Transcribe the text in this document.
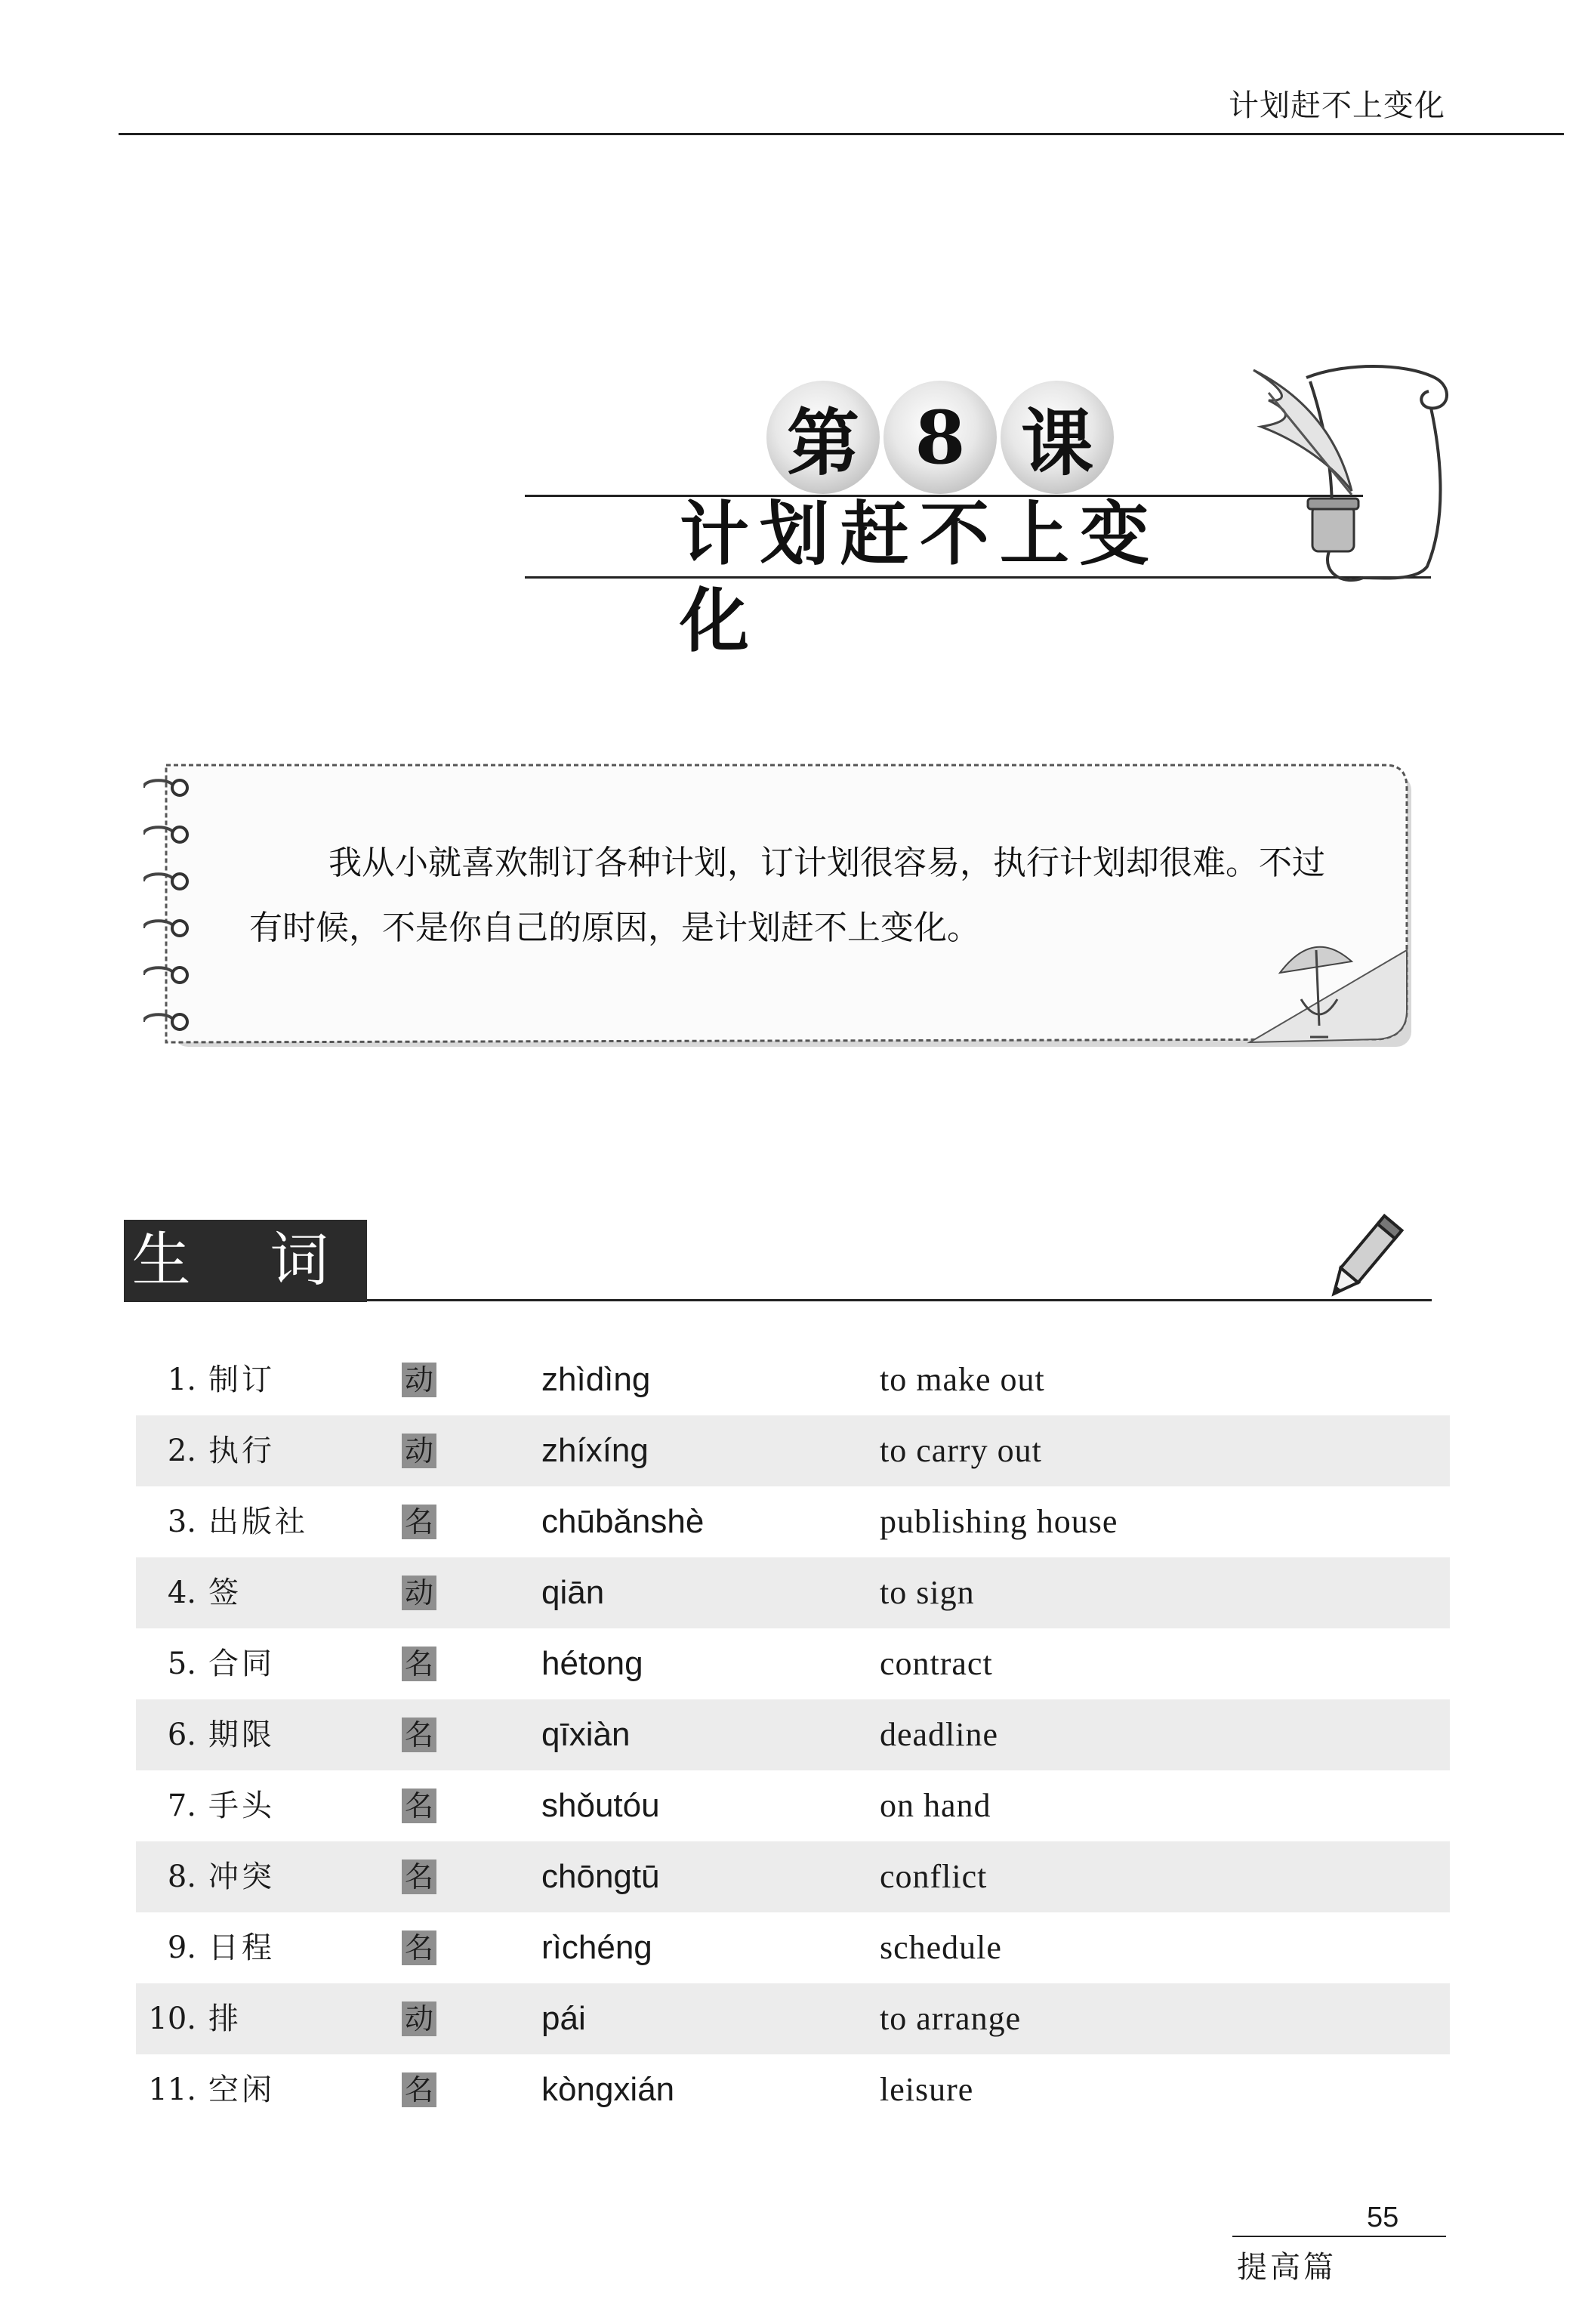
计划赶不上变化
第 8 课
计划赶不上变化
我从小就喜欢制订各种计划，订计划很容易，执行计划却很难。不过有时候，不是你自己的原因，是计划赶不上变化。
生 词
1. 制订	动	zhìdìng	to make out
2. 执行	动	zhíxíng	to carry out
3. 出版社	名	chūbǎnshè	publishing house
4. 签	动	qiān	to sign
5. 合同	名	hétong	contract
6. 期限	名	qīxiàn	deadline
7. 手头	名	shǒutóu	on hand
8. 冲突	名	chōngtū	conflict
9. 日程	名	rìchéng	schedule
10. 排	动	pái	to arrange
11. 空闲	名	kòngxián	leisure
55
提高篇
